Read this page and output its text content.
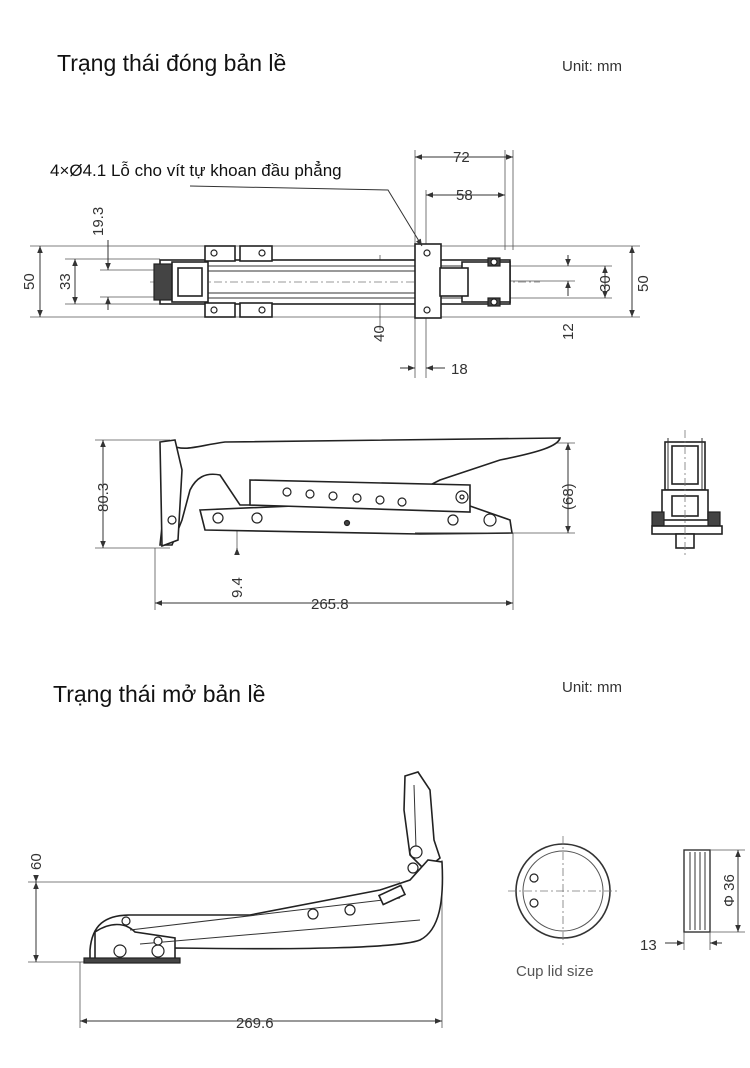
Trạng thái đóng bản lề	Unit: mm
4×Ø4.1 Lỗ cho vít tự khoan đầu phẳng
Trạng thái mở bản lề	Unit: mm
Cup lid size
72
58
50 33
19.3
40
18
30 50
12
80.3	(68)
9.4
265.8
60
269.6
Φ 36
13
